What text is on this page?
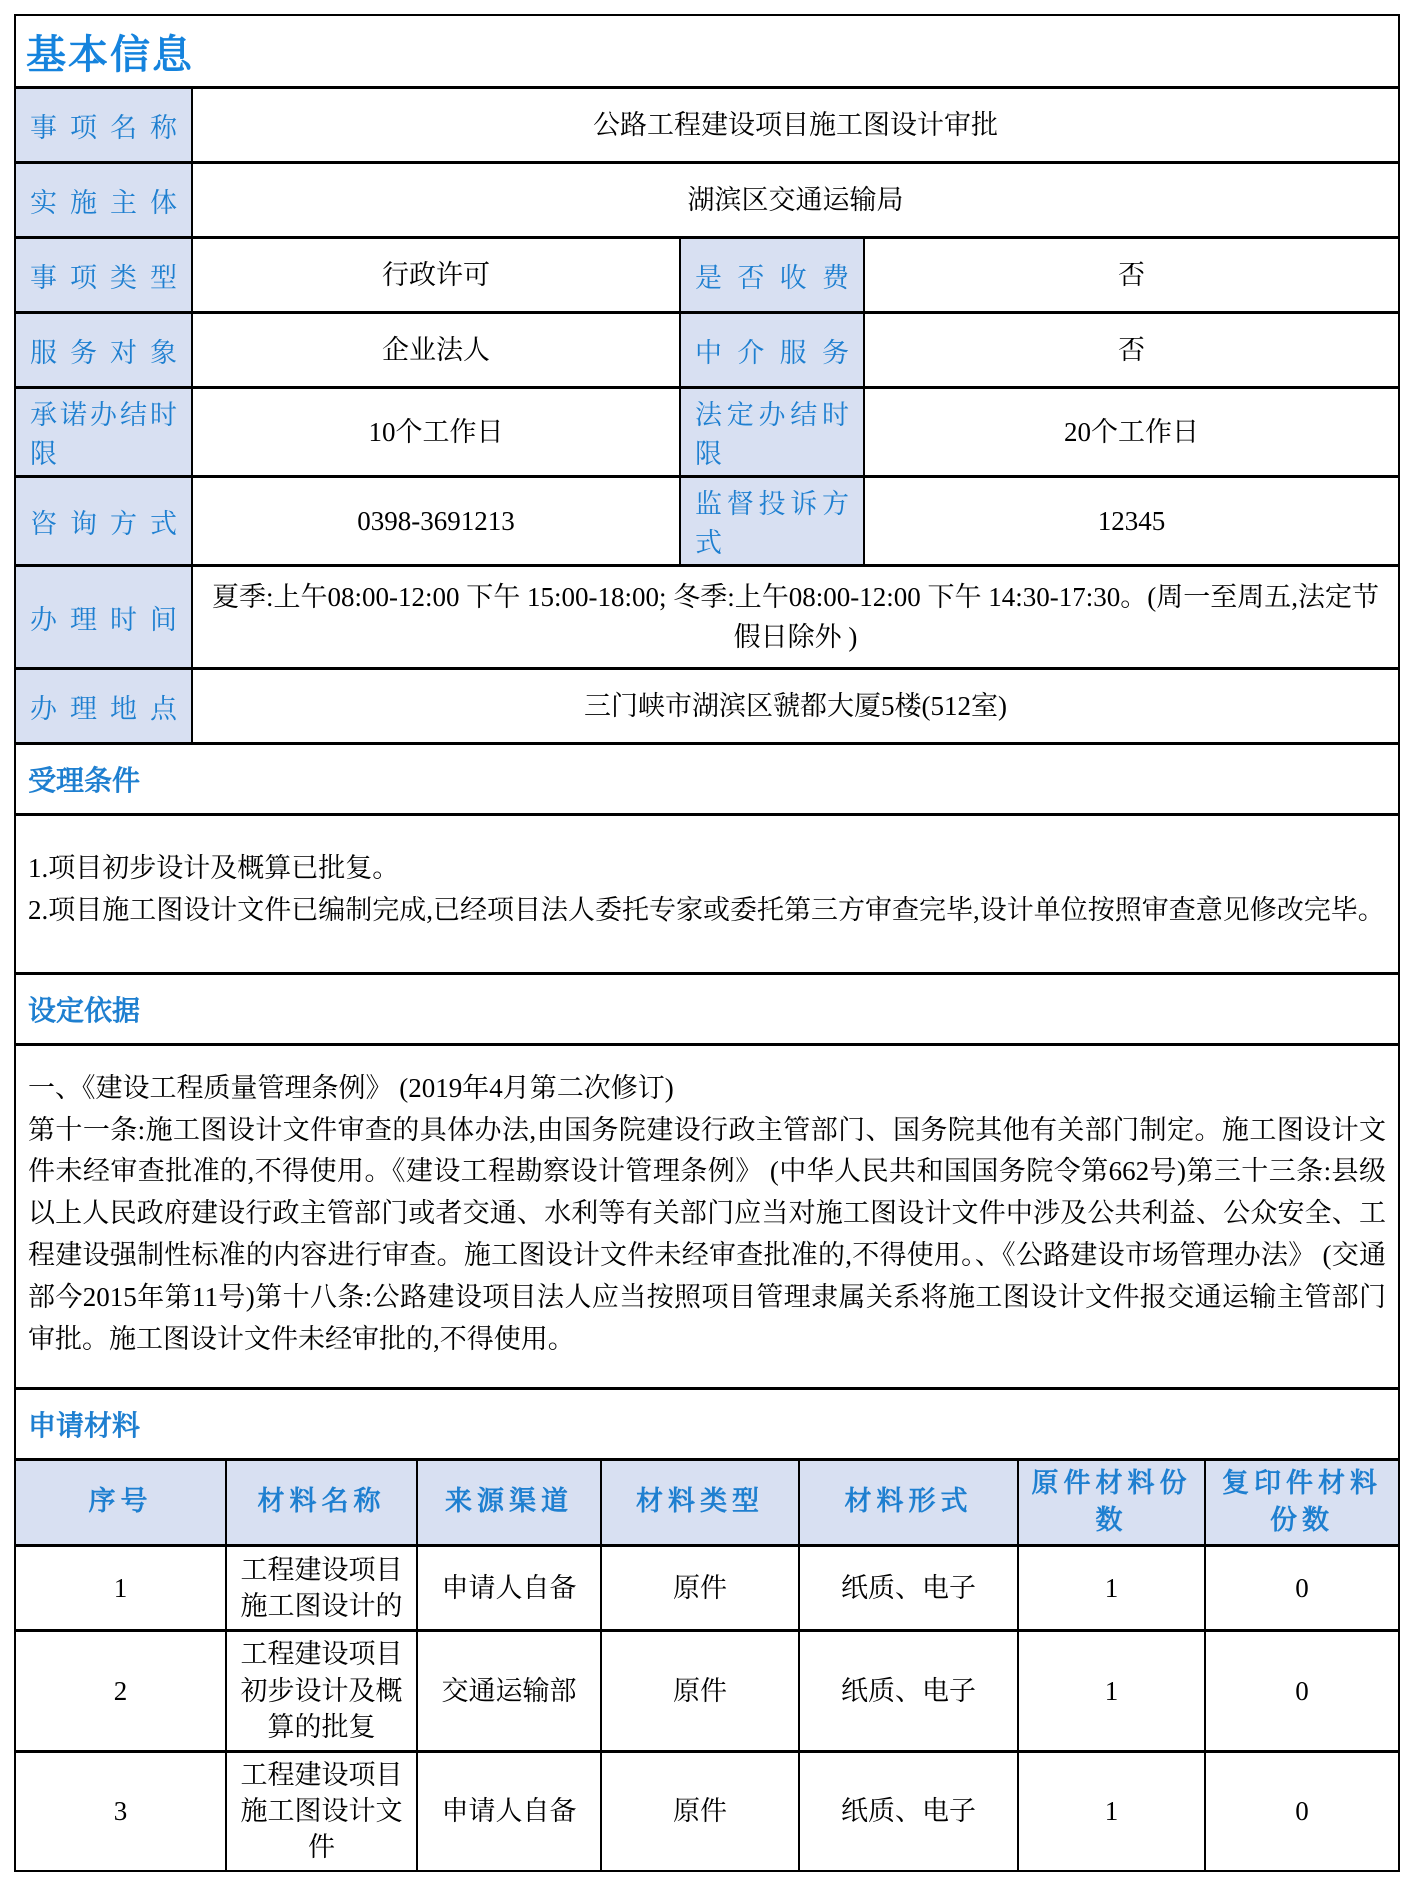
基本信息
事项名称	公路工程建设项目施工图设计审批		
实施主体	湖滨区交通运输局		
事项类型	行政许可	是否收费	否
服务对象	企业法人	中介服务	否
承诺办结时限	10个工作日	法定办结时限	20个工作日
咨询方式	0398-3691213	监督投诉方式	12345
办理时间	夏季:上午08:00-12:00 下午 15:00-18:00; 冬季:上午08:00-12:00 下午 14:30-17:30。(周一至周五,法定节假日除外 )		
办理地点	三门峡市湖滨区虢都大厦5楼(512室)		
受理条件

1.项目初步设计及概算已批复。

2.项目施工图设计文件已编制完成,已经项目法人委托专家或委托第三方审查完毕,设计单位按照审查意见修改完毕。

设定依据

一、《建设工程质量管理条例》 (2019年4月第二次修订)

第十一条:施工图设计文件审查的具体办法,由国务院建设行政主管部门、国务院其他有关部门制定。施工图设计文件未经审查批准的,不得使用。《建设工程勘察设计管理条例》 (中华人民共和国国务院令第662号)第三十三条:县级以上人民政府建设行政主管部门或者交通、水利等有关部门应当对施工图设计文件中涉及公共利益、公众安全、工程建设强制性标准的内容进行审查。施工图设计文件未经审查批准的,不得使用。、《公路建设市场管理办法》 (交通部今2015年第11号)第十八条:公路建设项目法人应当按照项目管理隶属关系将施工图设计文件报交通运输主管部门审批。施工图设计文件未经审批的,不得使用。

申请材料
序号	材料名称	来源渠道	材料类型	材料形式	原件材料份数	复印件材料份数
1	工程建设项目施工图设计的	申请人自备	原件	纸质、电子	1	0
2	工程建设项目初步设计及概算的批复	交通运输部	原件	纸质、电子	1	0
3	工程建设项目施工图设计文件	申请人自备	原件	纸质、电子	1	0
